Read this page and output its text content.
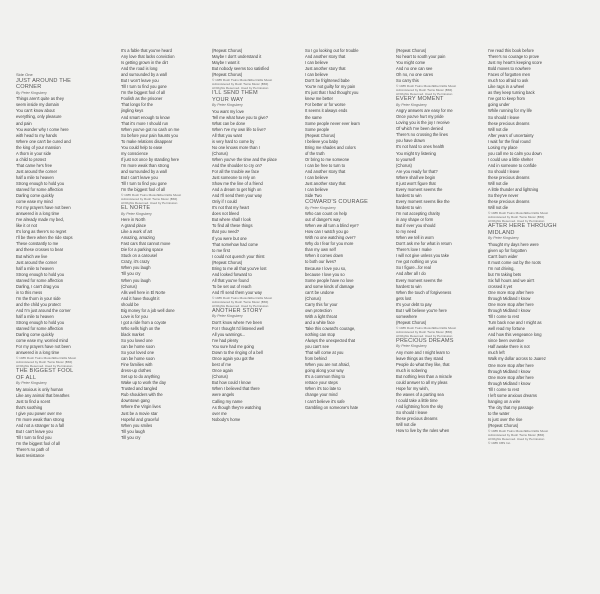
Side One
JUST AROUND THE
CORNER
By Peter Kingsbery
Things aren't quite as they
seem inside my domain
You can't know about
everything, only pleasure
and pain
You wonder why I come here
with head to my hands
Where one can't be cured and
the king of your mansion
A thorn in your side
a child to protect
That came he's free
Just around the corner
half a mile to heaven
Strong enough to hold you
starved for some affection
Darling come quickly
come ease my mind
For my prayers have not been
answered in a long time
I've already made my bed,
like it or not
It's long as there's no regret
I'll be there when the ride stops
These constantly to me
and these crosses to bear
But which we live
Just around the corner
half a mile to heaven
Strong enough to hold you
starved for some affection
Darling, I can't drag you
in to this mess
I'm the thorn in your side
and the child you protect
And I'm just around the corner
half a mile to heaven
Strong enough to hold you
starved for some affection
Darling come quickly
come ease my, worried mind
For my prayers have not been
answered in a long time
© 1985 Rush Twins Music/Elbert Ellis Music
Administered by Rush Twins Music (BMI)
All Rights Reserved. Used by Permission
THE BIGGEST FOOL
OF ALL
By Peter Kingsbery
My anxious is only human
Like any animal that breathes
Just to find a scent
that's soothing
I give you power over me
I'm more weak than strong
And not a stranger to a fall
But I can't leave you
Till I turn to find you
I'm the biggest fool of all
There's no path of
least resistance
It's a fable that you've heard
Any love that lacks conviction
Is getting grown in the dirt
And the road is long
and surrounded by a wall
But I won't leave you
Till I turn to find you gone
I'm the biggest fool of all
Foolish as the prisoner
That longs for the
jingling keys
And smart enough to know
That it's more I should run
When you've got no cash on me
So before your pain haunts you
To make relations disappear
You could help to ease
my conscience
If just not once by standing here
I'm more weak than strong
and surrounded by a wall
But I can't leave you
Till I turn to find you gone
I'm the biggest fool of all
© 1985 Rush Twins Music/Elbert Ellis Music
Administered by Rush Twins Music (BMI)
All Rights Reserved. Used by Permission
EL NORTE
By Peter Kingsbery
Here in North
A grand place
Like a work of art
Amazing, amazing
Fast cars that cannot move
Die for a parking space
Stuck on a carousel
Crazy, it's crazy
When you laugh
Till you cry
When you laugh
(Chorus)
Alls well here in El Norte
And it have thought it
should be
Big money for a job well done
Love is for you
I got a ride from a coyote
Who sells high on the
black market
So you loved one
can be home soon
So your loved one
can be home soon
Fine families with
dress-up clothes
Set up to do anything
Wake up to work the day
Trusted and tangled
Rub shoulders with the
downtown gang
Where the Virgin lives
Just be a movie star
Hopeful and graceful
When you smiles
Till you laugh
Till you cry
(Repeat Chorus)
Maybe I don't understand it
Maybe I want it
But nobody seems too satisfied
(Repeat Chorus)
© 1985 Rush Twins Music/Elbert Ellis Music
Administered by Rush Twins Music (BMI)
All Rights Reserved. Used by Permission
I'LL SEND THEM
YOUR WAY
By Peter Kingsbery
You want my love
Tell me what have you to give?
What can be done
When I've my own life to live?
All that you want
is very hard to come by
No one knows more than I
(Chorus)
When you've the time and the place
And the shoulder to cry on?
For all the trouble we face
Just someone to rely on
Show me the line of a friend
And a dream to get high on
And I'll send them your way
Only if I could
It's not that my heart
does not bleed
But where shall I look
To find all these things
that you need?
If you were but one
That somehow had come
to me first
I could not quench your thirst
(Repeat Chorus)
Bring to me all that you've lost
And looked forward to
All that you've found
To be set out of reach
And I'll send them your way
© 1985 Rush Twins Music/Elbert Ellis Music
Administered by Rush Twins Music (BMI)
All Rights Reserved. Used by Permission
ANOTHER STORY
By Peter Kingsbery
Don't know where I've been
For I thought I'd listened well
All you warnings...
I've had plenty
You sure had me going
Down to the ringing of a bell
Once again you got the
best of me
Once again
(Chorus)
But how could I know
When I believed that there
were angels
Calling my name
As though they're watching
over me
Nobody's home
So I go looking out for trouble
And another story that
I can believe
Just another story that
I can believe
Don't be frightened babe
You're not guilty for my pain
It's just that I had thought you
knew me better
For better or for worse
It seems it always ends
the same
Some people never ever learn
Some people
(Repeat Chorus)
I believe you baby
Bring me shades and colors
of the truth
Or bring to me someone
I can be free to turn to
And another story that
I can believe
Just another story that
I can believe
Side Two
COWARD'S COURAGE
By Peter Kingsbery
Who can count on help
out of danger's way
When we all turn a blind eye?
How can I watch you go
With no one watching over?
Why do I fear for you more
than my own self
When it comes down
to both our lives?
Because I love you so,
because I love you so
Some people have no love
and some kinds of damage
can't be undone
(Chorus)
Carry this for your
own protection
With a light throat
and a white face
Take this coward's courage,
nothing can stop
Always the unexpected that
you can't see
That will come at you
from behind
When you are not afraid,
going along your way
It's a common thing to
retrace your steps
When it's too late to
change your mind
I can't believe it's safe
Gambling on someone's hate
(Repeat Chorus)
No heart to sooth your pain
You might come
And no one can see
Oh no, no one cares
So carry this
© 1985 Rush Twins Music/Elbert Ellis Music
Administered by Rush Twins Music (BMI)
All Rights Reserved. Used by Permission
EVERY MOMENT
By Peter Kingsbery
Angry answers are easy for me
Once you've hurt my pride
Loving you is the joy I receive
Of which I've been denied
There's no crossing the lines
you have drawn
It's not hard to ones health
You might try listening
to yourself
(Chorus)
Are you ready for that?
Where shall we begin
It just won't figure that
Every moment seems the
hardest to win
Every moment seems like the
hardest to win
I'm not accepting charity
in any shape or form
But if ever you should
to my need
When we tell in worn
Don't ask me for what in return
There's love I make
I will not give unless you take
I've got nothing on you
So I figure...for real
And after all I do
Every moment seems the
hardest to win
When the touch of forgiveness
gets lost
It's your debt to pay
But I will believe you're here
somewhere
(Repeat Chorus)
© 1985 Rush Twins Music/Elbert Ellis Music
Administered by Rush Twins Music (BMI)
All Rights Reserved. Used by Permission
PRECIOUS DREAMS
By Peter Kingsbery
Any more and I might learn to
leave things as they stand
People do what they like, that
much is sobering
But nothing less than a miracle
could answer to all my pleas
Hope for my wish,
the waves of a parting sea
I could take a little time
And lightning from the sky
So should I leave
these precious dreams
Will not die
How to live by the rules when
I've read this book before
There's no courage to prove
Just my heart's keeping score
Bold moves to nowhere
Faces of forgotten men
much too afraid to ask
Like rags in a wheel
as they keep turning back
I've got to keep from
going under
While running for my life
So should I leave
these precious dreams
Will not die
After years of uncertainty
I wait for the final round
Losing my place
you call me to calm you down
I could use a little shelter
And in someone to confide
So should I leave
these precious dreams
Will not die
A little thunder and lightning
So they've never
these precious dreams
Will not die
© 1985 Rush Twins Music/Elbert Ellis Music
Administered by Rush Twins Music (BMI)
All Rights Reserved. Used by Permission
AFTER HERE THROUGH
MIDLAND
By Peter Kingsbery
Thought my days here were
given up for forgotten
Can't burn wider
It must come out by the roots
I'm not driving,
but I'm taking bets
Six full hours and we ain't
crossed it yet
One more stop after here
through Midland I know
One more stop after here
through Midland I know
Till I come to rest
Turn back now and I might as
well read my fortune
And how this vengeance long
since been overdue
Half awake there is not
much left
Walk my dollar across to Juarez
One more stop after here
through Midland I know
One more stop after here
through Midland I know
Till I come to rest
I left some anxious dreams
hanging on a wire
The city that my passage
to the water
Is just over the rise
(Repeat Chorus)
© 1985 Rush Twins Music/Elbert Ellis Music
Administered by Rush Twins Music (BMI)
All Rights Reserved. Used by Permission
© 1985 CBS Inc.
